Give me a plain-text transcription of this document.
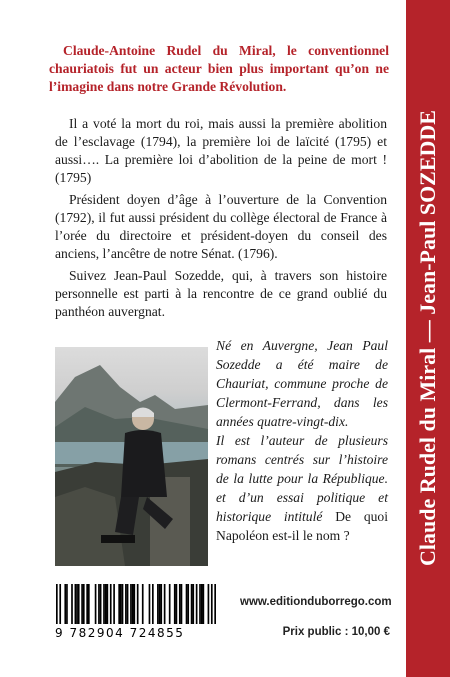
Claude-Antoine Rudel du Miral, le conventionnel chauriatois fut un acteur bien plus important qu’on ne l’imagine dans notre Grande Révolution.

Il a voté la mort du roi, mais aussi la première abolition de l’esclavage (1794), la première loi de laïcité (1795) et aussi…. La première loi d’abolition de la peine de mort ! (1795)

Président doyen d’âge à l’ouverture de la Convention (1792), il fut aussi président du collège électoral de France à l’orée du directoire et président-doyen du conseil des anciens, l’ancêtre de notre Sénat. (1796).

Suivez Jean-Paul Sozedde, qui, à travers son histoire personnelle est parti à la rencontre de ce grand oublié du panthéon auvergnat.

Né en Auvergne, Jean Paul Sozedde a été maire de Chauriat, commune proche de Clermont-Ferrand, dans les années quatre-vingt-dix.

Il est l’auteur de plusieurs romans centrés sur l’histoire de la lutte pour la République. et d’un essai politique et historique intitulé De quoi Napoléon est-il le nom ?

9 782904 724855
www.editionduborrego.com
Prix public : 10,00 €
Claude Rudel du Miral — Jean-Paul SOZEDDE
